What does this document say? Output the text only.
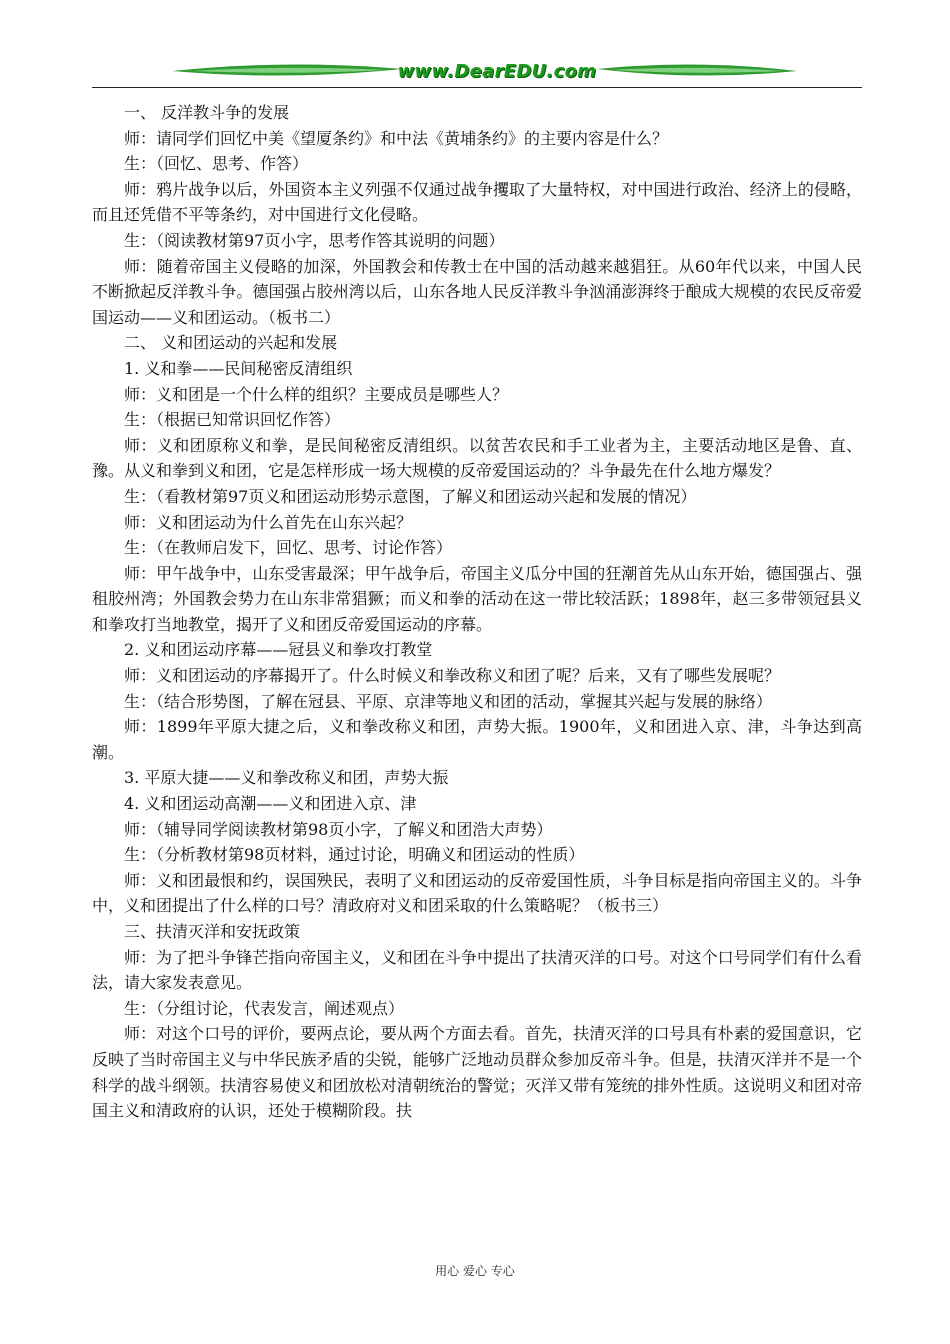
www.DearEDU.com

一、 反洋教斗争的发展

师：请同学们回忆中美《望厦条约》和中法《黄埔条约》的主要内容是什么？

生：（回忆、思考、作答）

师：鸦片战争以后，外国资本主义列强不仅通过战争攫取了大量特权，对中国进行政治、经济上的侵略，而且还凭借不平等条约，对中国进行文化侵略。

生：（阅读教材第97页小字，思考作答其说明的问题）

师：随着帝国主义侵略的加深，外国教会和传教士在中国的活动越来越猖狂。从60年代以来，中国人民不断掀起反洋教斗争。德国强占胶州湾以后，山东各地人民反洋教斗争汹涌澎湃终于酿成大规模的农民反帝爱国运动——义和团运动。（板书二）

二、 义和团运动的兴起和发展

1. 义和拳——民间秘密反清组织

师：义和团是一个什么样的组织？主要成员是哪些人？

生：（根据已知常识回忆作答）

师：义和团原称义和拳，是民间秘密反清组织。以贫苦农民和手工业者为主，主要活动地区是鲁、直、豫。从义和拳到义和团，它是怎样形成一场大规模的反帝爱国运动的？斗争最先在什么地方爆发？

生：（看教材第97页义和团运动形势示意图，了解义和团运动兴起和发展的情况）

师：义和团运动为什么首先在山东兴起？

生：（在教师启发下，回忆、思考、讨论作答）

师：甲午战争中，山东受害最深；甲午战争后，帝国主义瓜分中国的狂潮首先从山东开始，德国强占、强租胶州湾；外国教会势力在山东非常猖獗；而义和拳的活动在这一带比较活跃；1898年，赵三多带领冠县义和拳攻打当地教堂，揭开了义和团反帝爱国运动的序幕。

2. 义和团运动序幕——冠县义和拳攻打教堂

师：义和团运动的序幕揭开了。什么时候义和拳改称义和团了呢？后来，又有了哪些发展呢？

生：（结合形势图，了解在冠县、平原、京津等地义和团的活动，掌握其兴起与发展的脉络）

师：1899年平原大捷之后，义和拳改称义和团，声势大振。1900年，义和团进入京、津，斗争达到高潮。

3. 平原大捷——义和拳改称义和团，声势大振

4. 义和团运动高潮——义和团进入京、津

师：（辅导同学阅读教材第98页小字，了解义和团浩大声势）

生：（分析教材第98页材料，通过讨论，明确义和团运动的性质）

师：义和团最恨和约，误国殃民，表明了义和团运动的反帝爱国性质，斗争目标是指向帝国主义的。斗争中，义和团提出了什么样的口号？清政府对义和团采取的什么策略呢？（板书三）

三、扶清灭洋和安抚政策

师：为了把斗争锋芒指向帝国主义，义和团在斗争中提出了扶清灭洋的口号。对这个口号同学们有什么看法，请大家发表意见。

生：（分组讨论，代表发言，阐述观点）

师：对这个口号的评价，要两点论，要从两个方面去看。首先，扶清灭洋的口号具有朴素的爱国意识，它反映了当时帝国主义与中华民族矛盾的尖锐，能够广泛地动员群众参加反帝斗争。但是，扶清灭洋并不是一个科学的战斗纲领。扶清容易使义和团放松对清朝统治的警觉；灭洋又带有笼统的排外性质。这说明义和团对帝国主义和清政府的认识，还处于模糊阶段。扶

用心 爱心 专心
